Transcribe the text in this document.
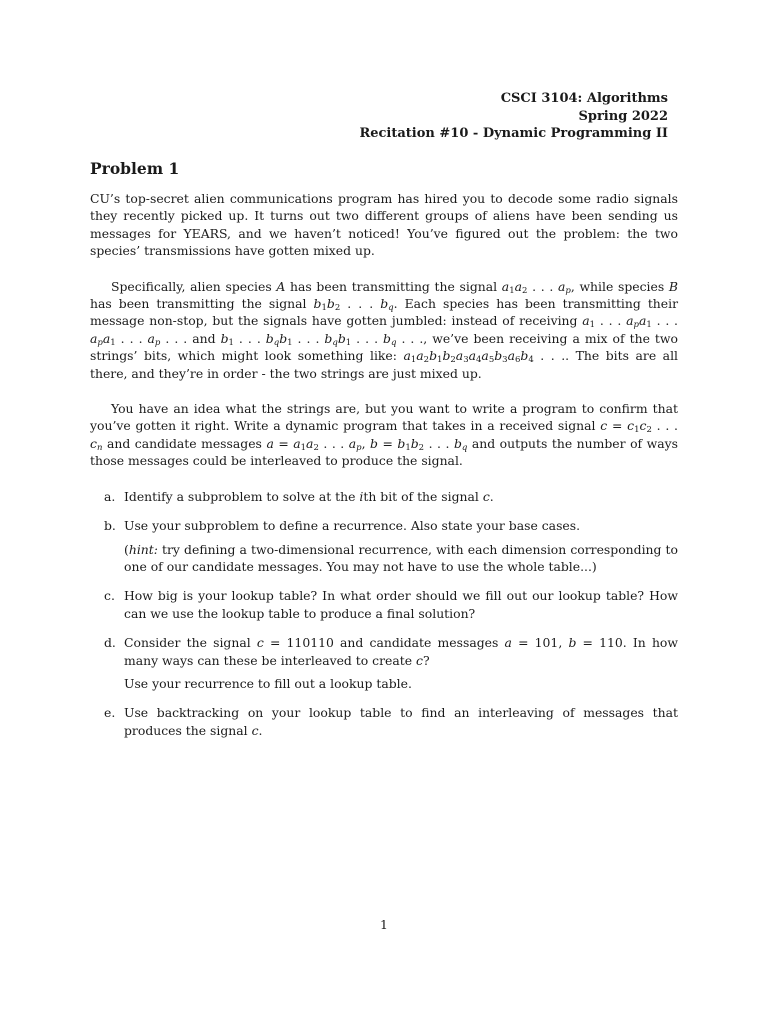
CSCI 3104: Algorithms
Spring 2022
Recitation #10 - Dynamic Programming II
Problem 1

CU’s top-secret alien communications program has hired you to decode some radio signals they recently picked up. It turns out two different groups of aliens have been sending us messages for YEARS, and we haven’t noticed! You’ve figured out the problem: the two species’ transmissions have gotten mixed up.

Specifically, alien species A has been transmitting the signal $a_1a_2$ . . . $a_p$, while species B has been transmitting the signal $b_1b_2$ . . . $b_q$. Each species has been transmitting their message non-stop, but the signals have gotten jumbled: instead of receiving $a_1$ . . . $a_pa_1$ . . . $a_pa_1$ . . . $a_p$ . . . and $b_1$ . . . $b_qb_1$ . . . $b_qb_1$ . . . $b_q$ . . ., we’ve been receiving a mix of the two strings’ bits, which might look something like: $a_1a_2b_1b_2a_3a_4a_5b_3a_6b_4$ . . .. The bits are all there, and they’re in order - the two strings are just mixed up.

You have an idea what the strings are, but you want to write a program to confirm that you’ve gotten it right. Write a dynamic program that takes in a received signal $c = c_1c_2$ . . . $c_n$ and candidate messages $a = a_1a_2$ . . . $a_p$, $b = b_1b_2$ . . . $b_q$ and outputs the number of ways those messages could be interleaved to produce the signal.

a. Identify a subproblem to solve at the ith bit of the signal c.
b. Use your subproblem to define a recurrence. Also state your base cases.
(hint: try defining a two-dimensional recurrence, with each dimension corresponding to one of our candidate messages. You may not have to use the whole table...)
c. How big is your lookup table? In what order should we fill out our lookup table? How can we use the lookup table to produce a final solution?
d. Consider the signal c = 110110 and candidate messages a = 101, b = 110. In how many ways can these be interleaved to create c?
Use your recurrence to fill out a lookup table.
e. Use backtracking on your lookup table to find an interleaving of messages that produces the signal c.
1
